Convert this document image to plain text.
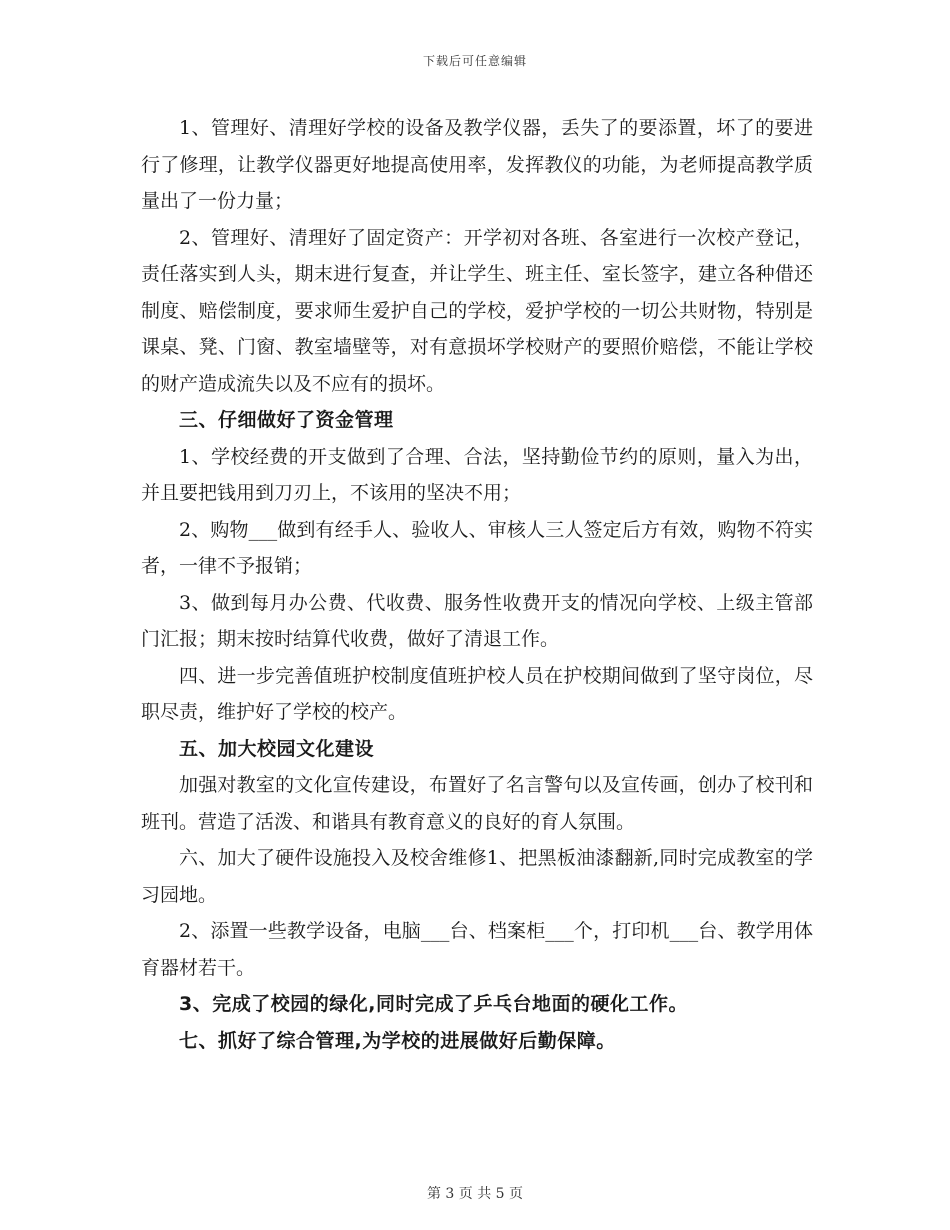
下载后可任意编辑

1、管理好、清理好学校的设备及教学仪器，丢失了的要添置，坏了的要进行了修理，让教学仪器更好地提高使用率，发挥教仪的功能，为老师提高教学质量出了一份力量；

2、管理好、清理好了固定资产：开学初对各班、各室进行一次校产登记，责任落实到人头，期末进行复查，并让学生、班主任、室长签字，建立各种借还制度、赔偿制度，要求师生爱护自己的学校，爱护学校的一切公共财物，特别是课桌、凳、门窗、教室墙壁等，对有意损坏学校财产的要照价赔偿，不能让学校的财产造成流失以及不应有的损坏。

三、仔细做好了资金管理

1、学校经费的开支做到了合理、合法，坚持勤俭节约的原则，量入为出，并且要把钱用到刀刃上，不该用的坚决不用；

2、购物___做到有经手人、验收人、审核人三人签定后方有效，购物不符实者，一律不予报销；

3、做到每月办公费、代收费、服务性收费开支的情况向学校、上级主管部门汇报；期末按时结算代收费，做好了清退工作。

四、进一步完善值班护校制度值班护校人员在护校期间做到了坚守岗位，尽职尽责，维护好了学校的校产。

五、加大校园文化建设

加强对教室的文化宣传建设，布置好了名言警句以及宣传画，创办了校刊和班刊。营造了活泼、和谐具有教育意义的良好的育人氛围。

六、加大了硬件设施投入及校舍维修1、把黑板油漆翻新,同时完成教室的学习园地。

2、添置一些教学设备，电脑___台、档案柜___个，打印机___台、教学用体育器材若干。

3、完成了校园的绿化,同时完成了乒乓台地面的硬化工作。

七、抓好了综合管理,为学校的进展做好后勤保障。

第 3 页 共 5 页
